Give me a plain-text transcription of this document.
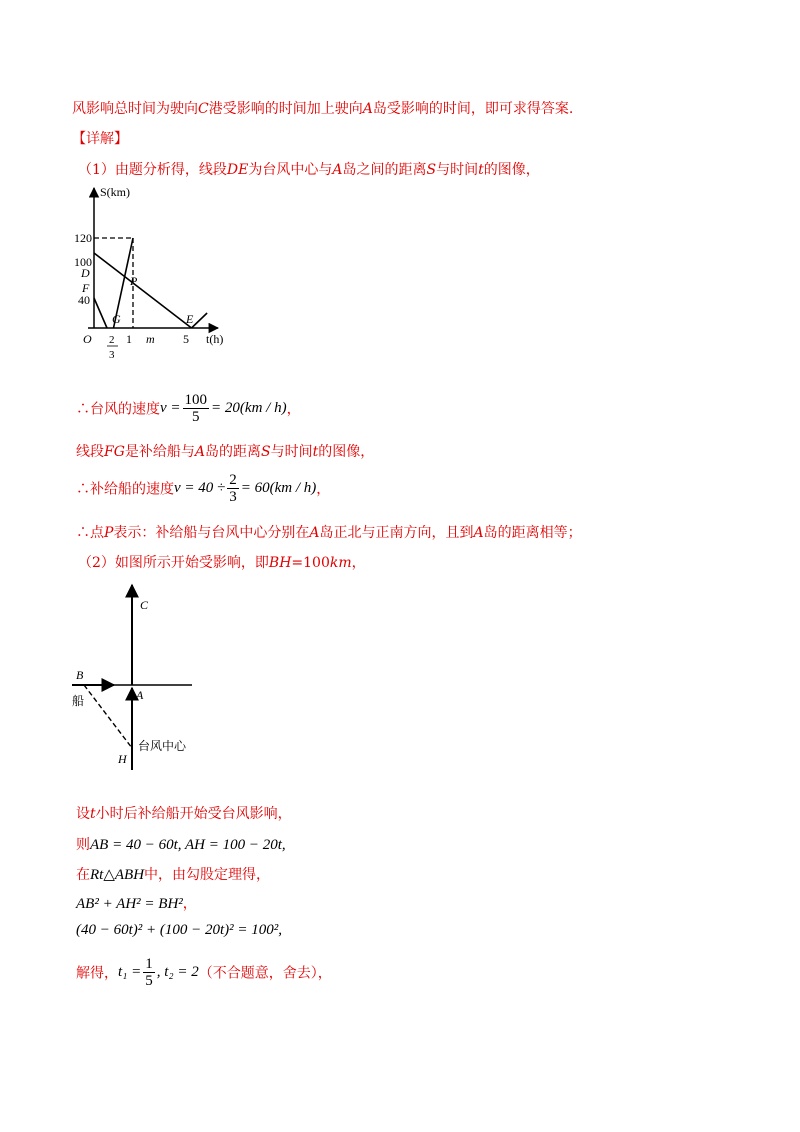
风影响总时间为驶向C港受影响的时间加上驶向A岛受影响的时间，即可求得答案.
【详解】
（1）由题分析得，线段DE为台风中心与A岛之间的距离S与时间t的图像，
S(km)
t(h)
O
120
100
40
D
F
G
P
E
2
3
1 m 5
∴台风的速度$v = \frac{100}{5} = 20(km / h)$，
线段FG是补给船与A岛的距离S与时间t的图像，
∴补给船的速度$v = 40 \div \frac{2}{3} = 60(km / h)$，
∴点P表示：补给船与台风中心分别在A岛正北与正南方向，且到A岛的距离相等；
（2）如图所示开始受影响，即BH=100km，
C
B
A
H
船
台风中心
设t小时后补给船开始受台风影响，
则AB = 40 − 60t, AH = 100 − 20t,
在Rt△ABH中，由勾股定理得，
AB² + AH² = BH²，
(40 − 60t)² + (100 − 20t)² = 100²,
解得，$t_1 = \frac{1}{5}$ , t₂ = 2（不合题意，舍去），
